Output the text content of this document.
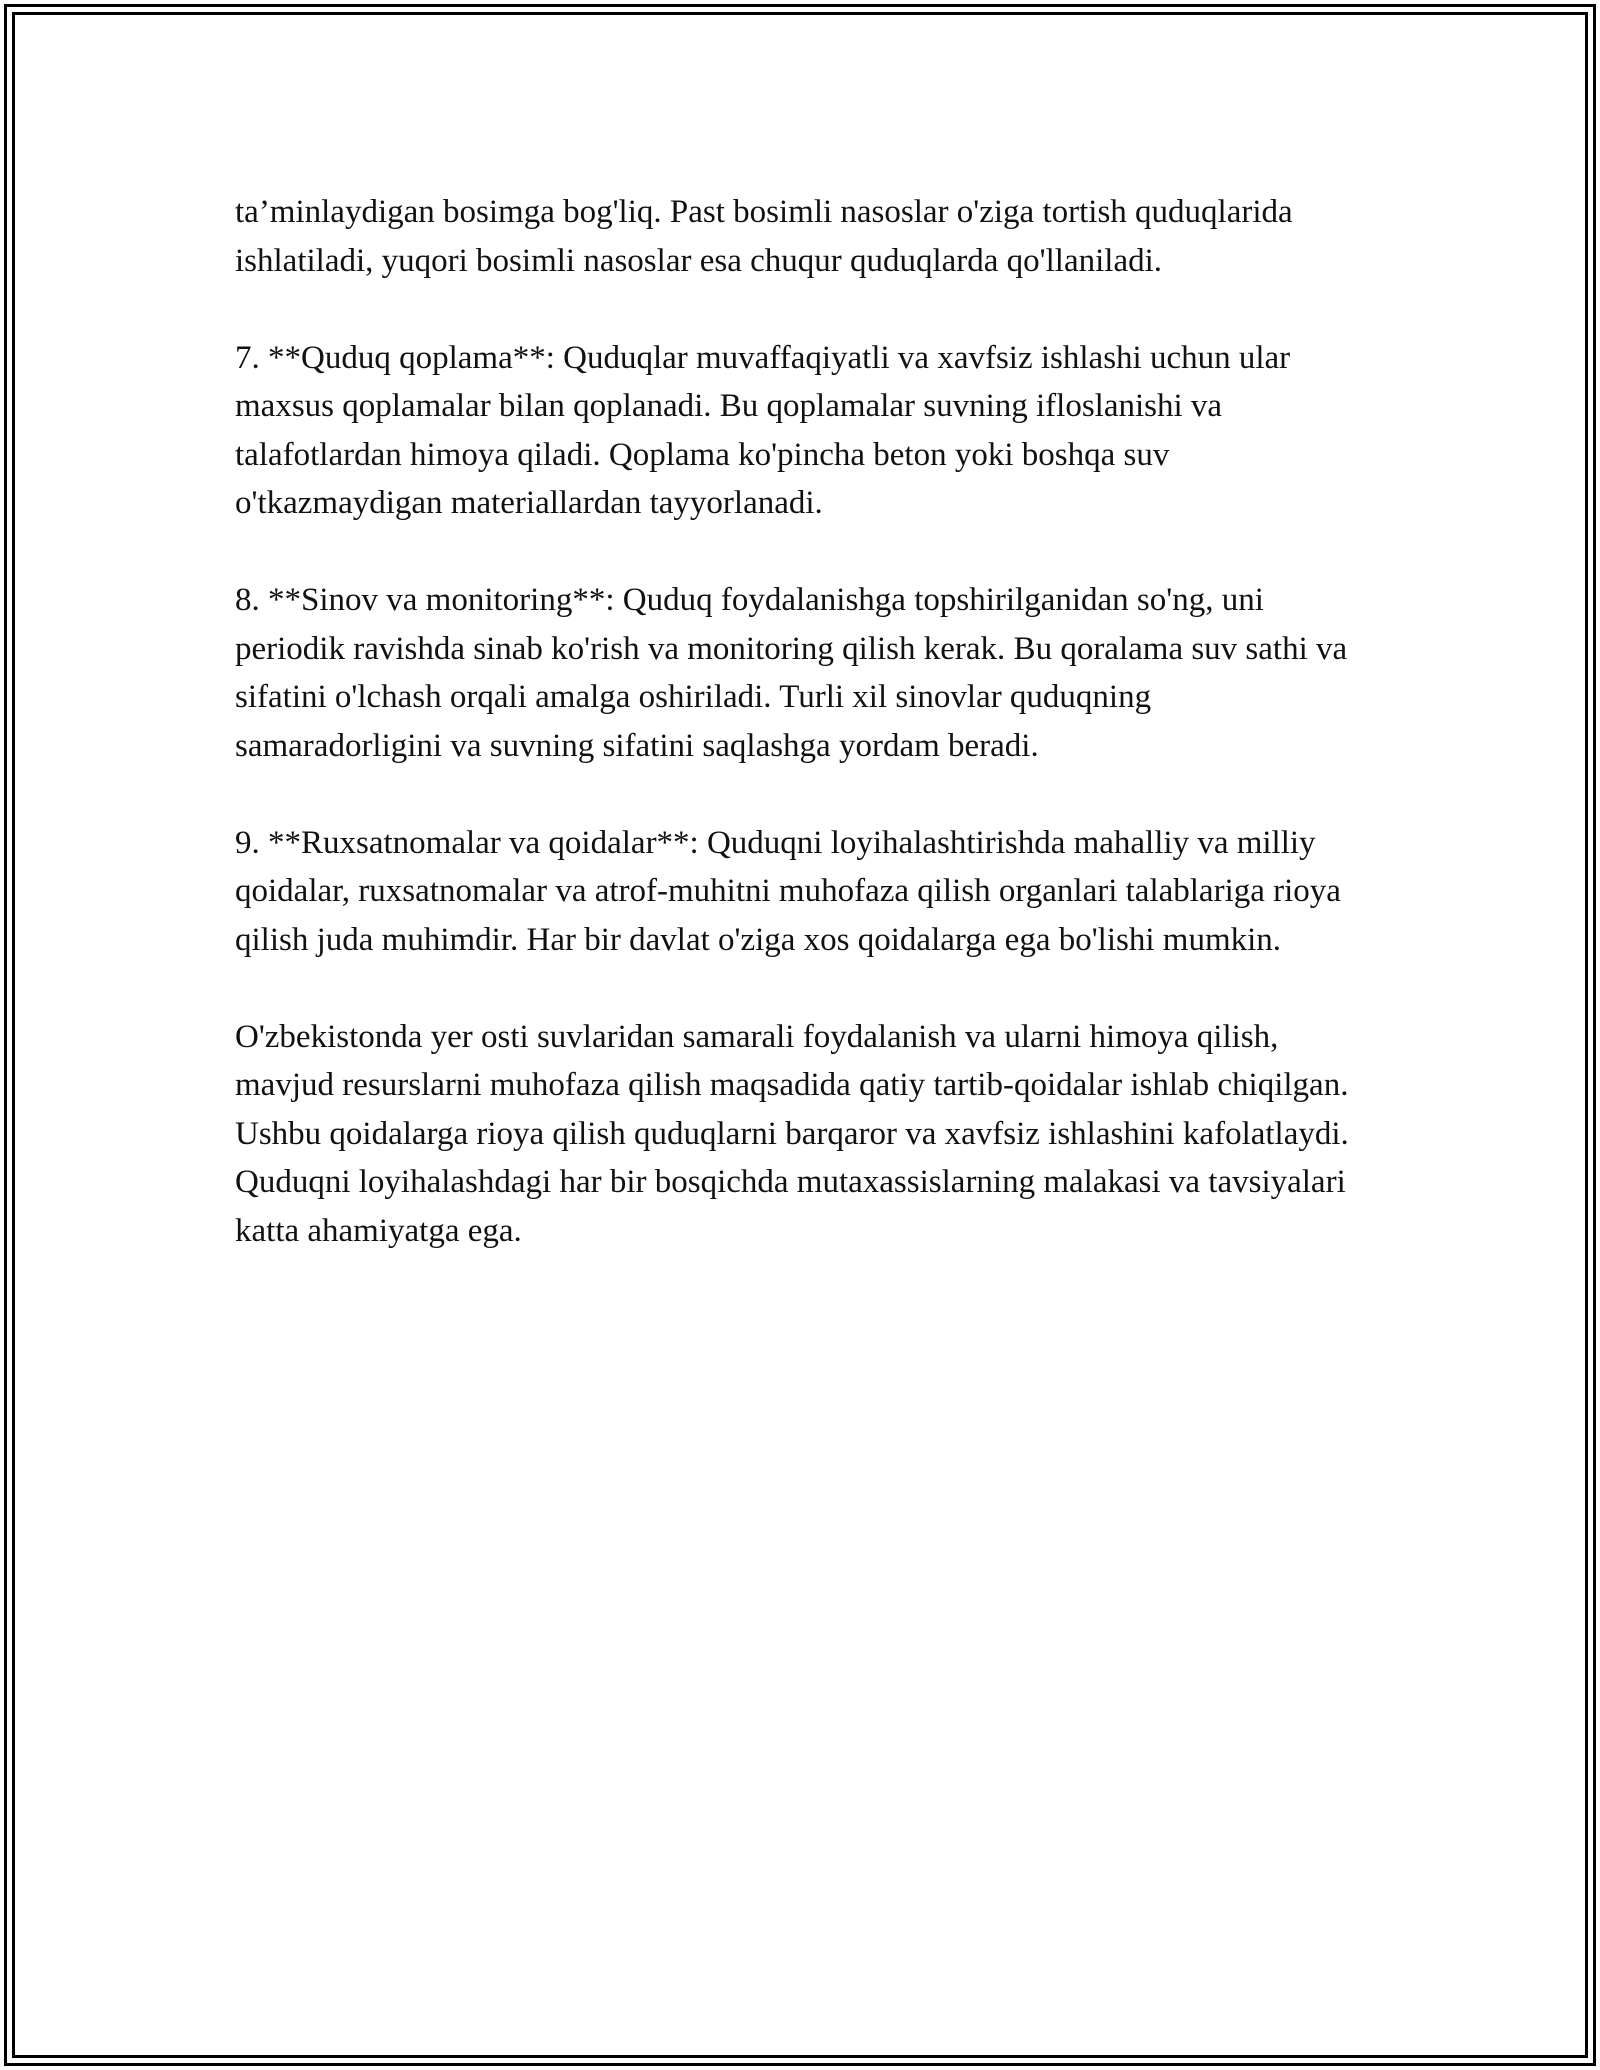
ta’minlaydigan bosimga bog'liq. Past bosimli nasoslar o'ziga tortish quduqlarida ishlatiladi, yuqori bosimli nasoslar esa chuqur quduqlarda qo'llaniladi.

7. **Quduq qoplama**: Quduqlar muvaffaqiyatli va xavfsiz ishlashi uchun ular maxsus qoplamalar bilan qoplanadi. Bu qoplamalar suvning ifloslanishi va talafotlardan himoya qiladi. Qoplama ko'pincha beton yoki boshqa suv o'tkazmaydigan materiallardan tayyorlanadi.

8. **Sinov va monitoring**: Quduq foydalanishga topshirilganidan so'ng, uni periodik ravishda sinab ko'rish va monitoring qilish kerak. Bu qoralama suv sathi va sifatini o'lchash orqali amalga oshiriladi. Turli xil sinovlar quduqning samaradorligini va suvning sifatini saqlashga yordam beradi.

9. **Ruxsatnomalar va qoidalar**: Quduqni loyihalashtirishda mahalliy va milliy qoidalar, ruxsatnomalar va atrof-muhitni muhofaza qilish organlari talablariga rioya qilish juda muhimdir. Har bir davlat o'ziga xos qoidalarga ega bo'lishi mumkin.

O'zbekistonda yer osti suvlaridan samarali foydalanish va ularni himoya qilish, mavjud resurslarni muhofaza qilish maqsadida qatiy tartib-qoidalar ishlab chiqilgan. Ushbu qoidalarga rioya qilish quduqlarni barqaror va xavfsiz ishlashini kafolatlaydi. Quduqni loyihalashdagi har bir bosqichda mutaxassislarning malakasi va tavsiyalari katta ahamiyatga ega.
